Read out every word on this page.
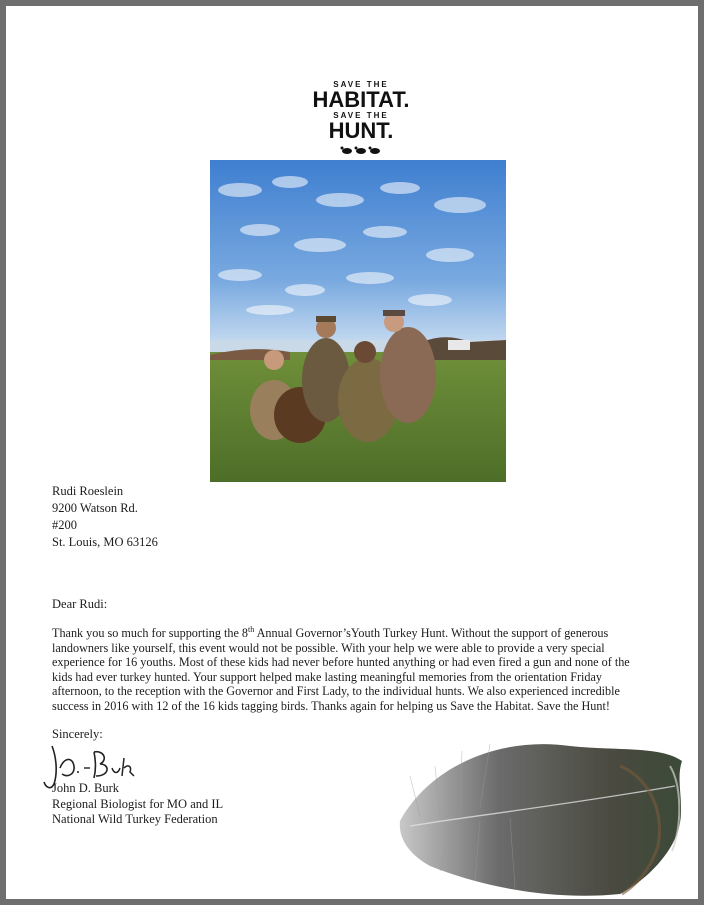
SAVE THE
HABITAT.
SAVE THE
HUNT.
Rudi Roeslein
9200 Watson Rd.
#200
St. Louis, MO 63126
Dear Rudi:
Thank you so much for supporting the 8th Annual Governor’sYouth Turkey Hunt. Without the support of generous landowners like yourself, this event would not be possible. With your help we were able to provide a very special experience for 16 youths. Most of these kids had never before hunted anything or had even fired a gun and none of the kids had ever turkey hunted. Your support helped make lasting meaningful memories from the orientation Friday afternoon, to the reception with the Governor and First Lady, to the individual hunts. We also experienced incredible success in 2016 with 12 of the 16 kids tagging birds. Thanks again for helping us Save the Habitat. Save the Hunt!
Sincerely:
John D. Burk
Regional Biologist for MO and IL
National Wild Turkey Federation
